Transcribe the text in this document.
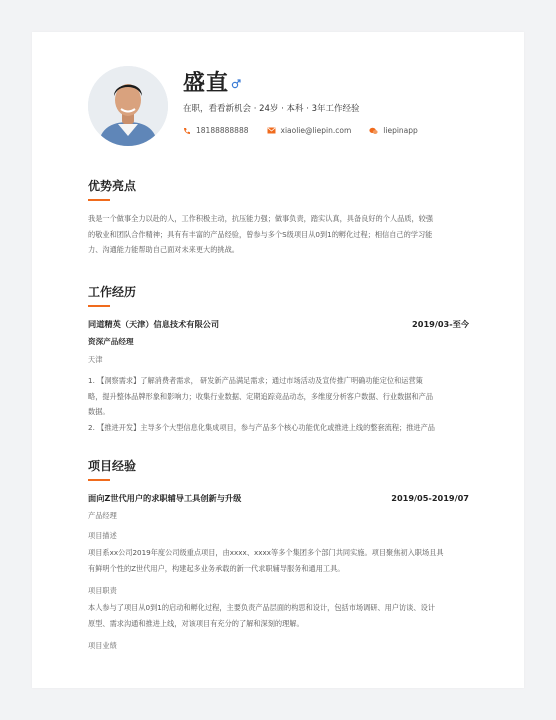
盛直
在职，看看新机会 · 24岁 · 本科 · 3年工作经验
18188888888	xiaolie@liepin.com	liepinapp
优势亮点

我是一个做事全力以赴的人，工作积极主动，抗压能力强；做事负责，踏实认真，具备良好的个人品质，较强

的敬业和团队合作精神；具有有丰富的产品经验，曾参与多个S级项目从0到1的孵化过程；相信自己的学习能

力、沟通能力能帮助自己面对未来更大的挑战。

工作经历
同道精英（天津）信息技术有限公司	2019/03-至今
资深产品经理
天津

1. 【洞察需求】了解消费者需求， 研发新产品满足需求；通过市场活动及宣传推广明确功能定位和运营策

略，提升整体品牌形象和影响力；收集行业数据、定期追踪竞品动态，多维度分析客户数据、行业数据和产品

数据。

2. 【推进开发】主导多个大型信息化集成项目，参与产品多个核心功能优化或推进上线的整套流程；推进产品

项目经验
面向Z世代用户的求职辅导工具创新与升级	2019/05-2019/07
产品经理
项目描述

项目系xx公司2019年度公司级重点项目，由xxxx、xxxx等多个集团多个部门共同实施。项目聚焦初入职场且具

有鲜明个性的Z世代用户，构建起多业务承载的新一代求职辅导服务和通用工具。

项目职责

本人参与了项目从0到1的启动和孵化过程，主要负责产品层面的构思和设计，包括市场调研、用户访谈、设计

原型、需求沟通和推进上线，对该项目有充分的了解和深刻的理解。

项目业绩
